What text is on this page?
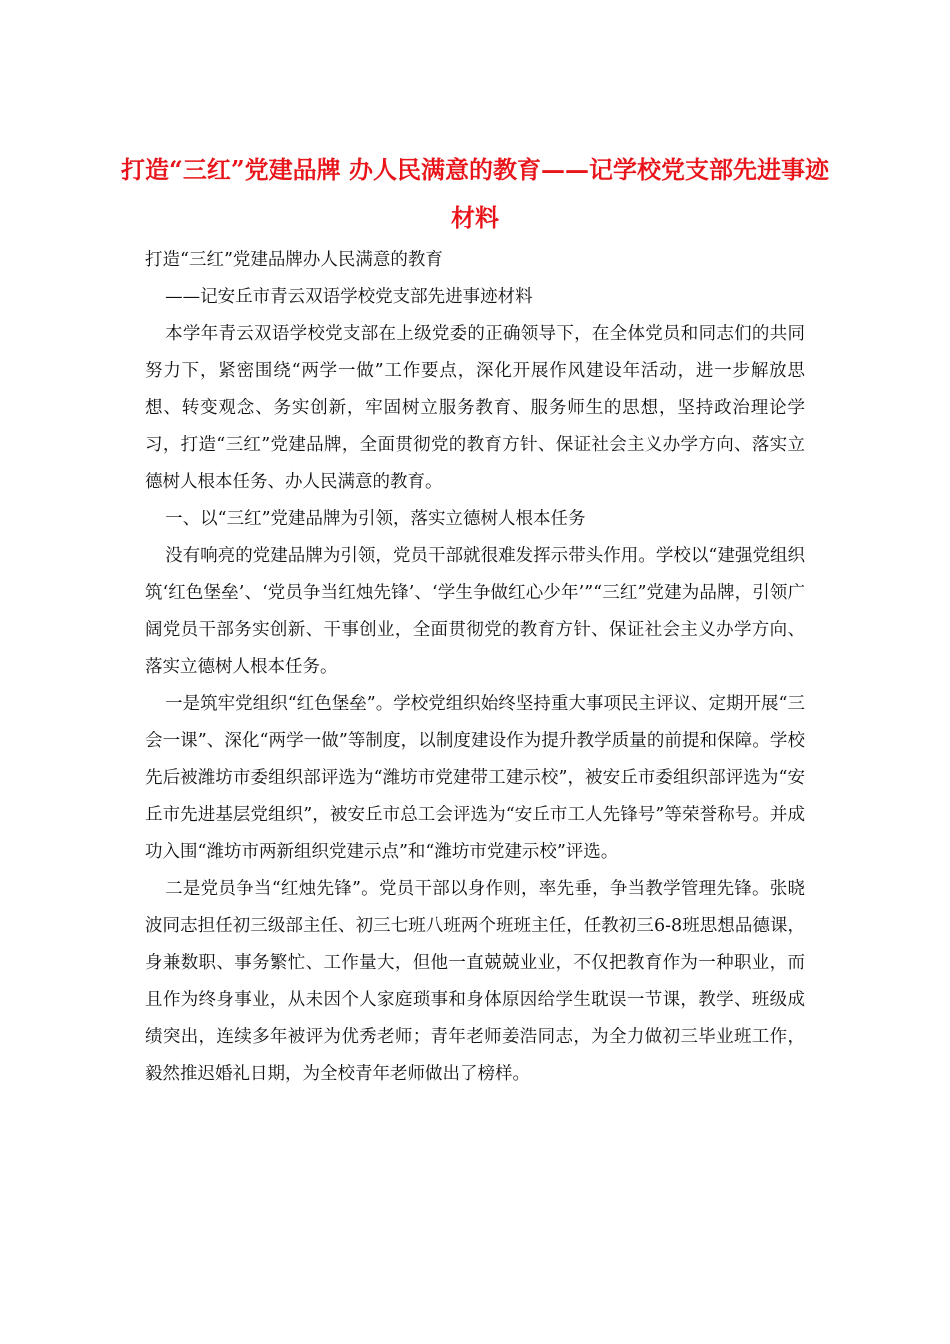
打造“三红”党建品牌 办人民满意的教育——记学校党支部先进事迹材料

打造“三红”党建品牌办人民满意的教育

——记安丘市青云双语学校党支部先进事迹材料

本学年青云双语学校党支部在上级党委的正确领导下，在全体党员和同志们的共同努力下，紧密围绕“两学一做”工作要点，深化开展作风建设年活动，进一步解放思想、转变观念、务实创新，牢固树立服务教育、服务师生的思想，坚持政治理论学习，打造“三红”党建品牌，全面贯彻党的教育方针、保证社会主义办学方向、落实立德树人根本任务、办人民满意的教育。

一、以“三红”党建品牌为引领，落实立德树人根本任务

没有响亮的党建品牌为引领，党员干部就很难发挥示带头作用。学校以“建强党组织筑‘红色堡垒’、‘党员争当红烛先锋’、‘学生争做红心少年’”“三红”党建为品牌，引领广阔党员干部务实创新、干事创业，全面贯彻党的教育方针、保证社会主义办学方向、落实立德树人根本任务。

一是筑牢党组织“红色堡垒”。学校党组织始终坚持重大事项民主评议、定期开展“三会一课”、深化“两学一做”等制度，以制度建设作为提升教学质量的前提和保障。学校先后被潍坊市委组织部评选为“潍坊市党建带工建示校”，被安丘市委组织部评选为“安丘市先进基层党组织”，被安丘市总工会评选为“安丘市工人先锋号”等荣誉称号。并成功入围“潍坊市两新组织党建示点”和“潍坊市党建示校”评选。

二是党员争当“红烛先锋”。党员干部以身作则，率先垂，争当教学管理先锋。张晓波同志担任初三级部主任、初三七班八班两个班班主任，任教初三6-8班思想品德课，身兼数职、事务繁忙、工作量大，但他一直兢兢业业，不仅把教育作为一种职业，而且作为终身事业，从未因个人家庭琐事和身体原因给学生耽误一节课，教学、班级成绩突出，连续多年被评为优秀老师；青年老师姜浩同志，为全力做初三毕业班工作，毅然推迟婚礼日期，为全校青年老师做出了榜样。
